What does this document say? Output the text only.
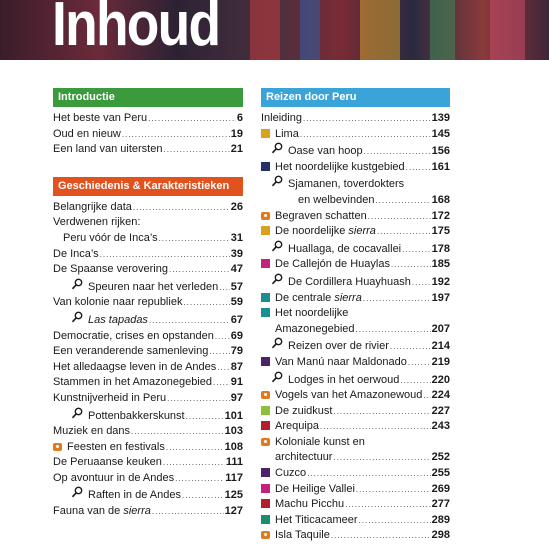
Inhoud
Introductie
Het beste van Peru .....	6
Oud en nieuw .....	19
Een land van uitersten .....	21
Geschiedenis & Karakteristieken
Belangrijke data .....	26
Verdwenen rijken:
Peru vóór de Inca’s .....	31
De Inca’s .....	39
De Spaanse verovering .....	47
Speuren naar het verleden ..... 57
Van kolonie naar republiek .....	59
Las tapadas .....	67
Democratie, crises en opstanden ..... 69
Een veranderende samenleving ..... 79
Het alledaagse leven in de Andes ..... 87
Stammen in het Amazonegebied ..... 91
Kunstnijverheid in Peru .....	97
Pottenbakkerskunst .....	101
Muziek en dans .....	103
Feesten en festivals .....	108
De Peruaanse keuken .....	111
Op avontuur in de Andes .....	117
Raften in de Andes .....	125
Fauna van de sierra .....	127
Reizen door Peru
Inleiding .....	139
Lima .....	145
Oase van hoop .....	156
Het noordelijke kustgebied ..... 161
Sjamanen, toverdokters
en welbevinden .....	168
Begraven schatten .....	172
De noordelijke sierra .....	175
Huallaga, de cocavallei .....	178
De Callejón de Huaylas .....	185
De Cordillera Huayhuash ..... 192
De centrale sierra .....	197
Het noordelijke
Amazonegebied .....	207
Reizen over de rivier .....	214
Van Manú naar Maldonado ..... 219
Lodges in het oerwoud .....	220
Vogels van het Amazonewoud ..... 224
De zuidkust .....	227
Arequipa .....	243
Koloniale kunst en
architectuur .....	252
Cuzco .....	255
De Heilige Vallei .....	269
Machu Picchu .....	277
Het Titicacameer .....	289
Isla Taquile .....	298
